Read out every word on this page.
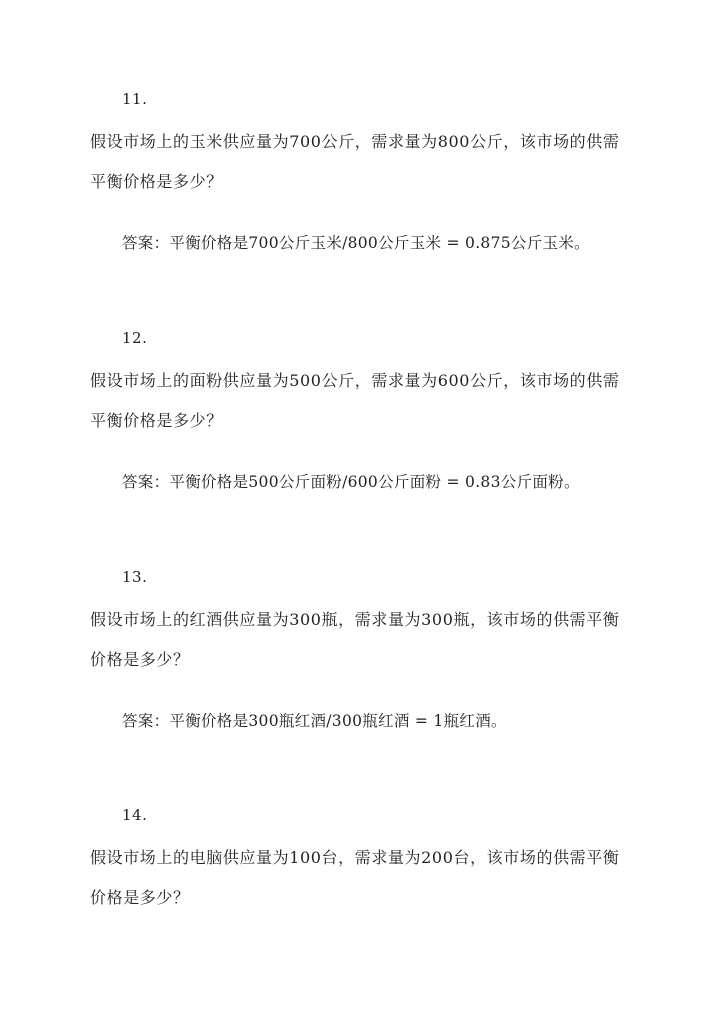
11.
假设市场上的玉米供应量为700公斤，需求量为800公斤，该市场的供需平衡价格是多少？
答案：平衡价格是700公斤玉米/800公斤玉米 = 0.875公斤玉米。
12.
假设市场上的面粉供应量为500公斤，需求量为600公斤，该市场的供需平衡价格是多少？
答案：平衡价格是500公斤面粉/600公斤面粉 = 0.83公斤面粉。
13.
假设市场上的红酒供应量为300瓶，需求量为300瓶，该市场的供需平衡价格是多少？
答案：平衡价格是300瓶红酒/300瓶红酒 = 1瓶红酒。
14.
假设市场上的电脑供应量为100台，需求量为200台，该市场的供需平衡价格是多少？
